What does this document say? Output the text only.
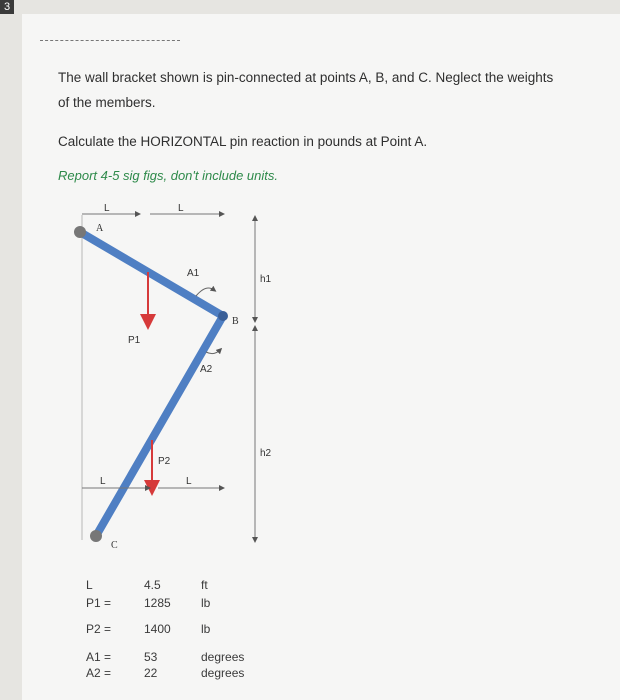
3
The wall bracket shown is pin-connected at points A, B, and C. Neglect the weights
of the members.
Calculate the HORIZONTAL pin reaction in pounds at Point A.
Report 4-5 sig figs, don't include units.
L	L
h1
h2
A
B
C
A1
A2
P1
P2
L	L
L	4.5	ft
P1 =	1285	lb
P2 =	1400	lb
A1 =	53	degrees
A2 =	22	degrees
